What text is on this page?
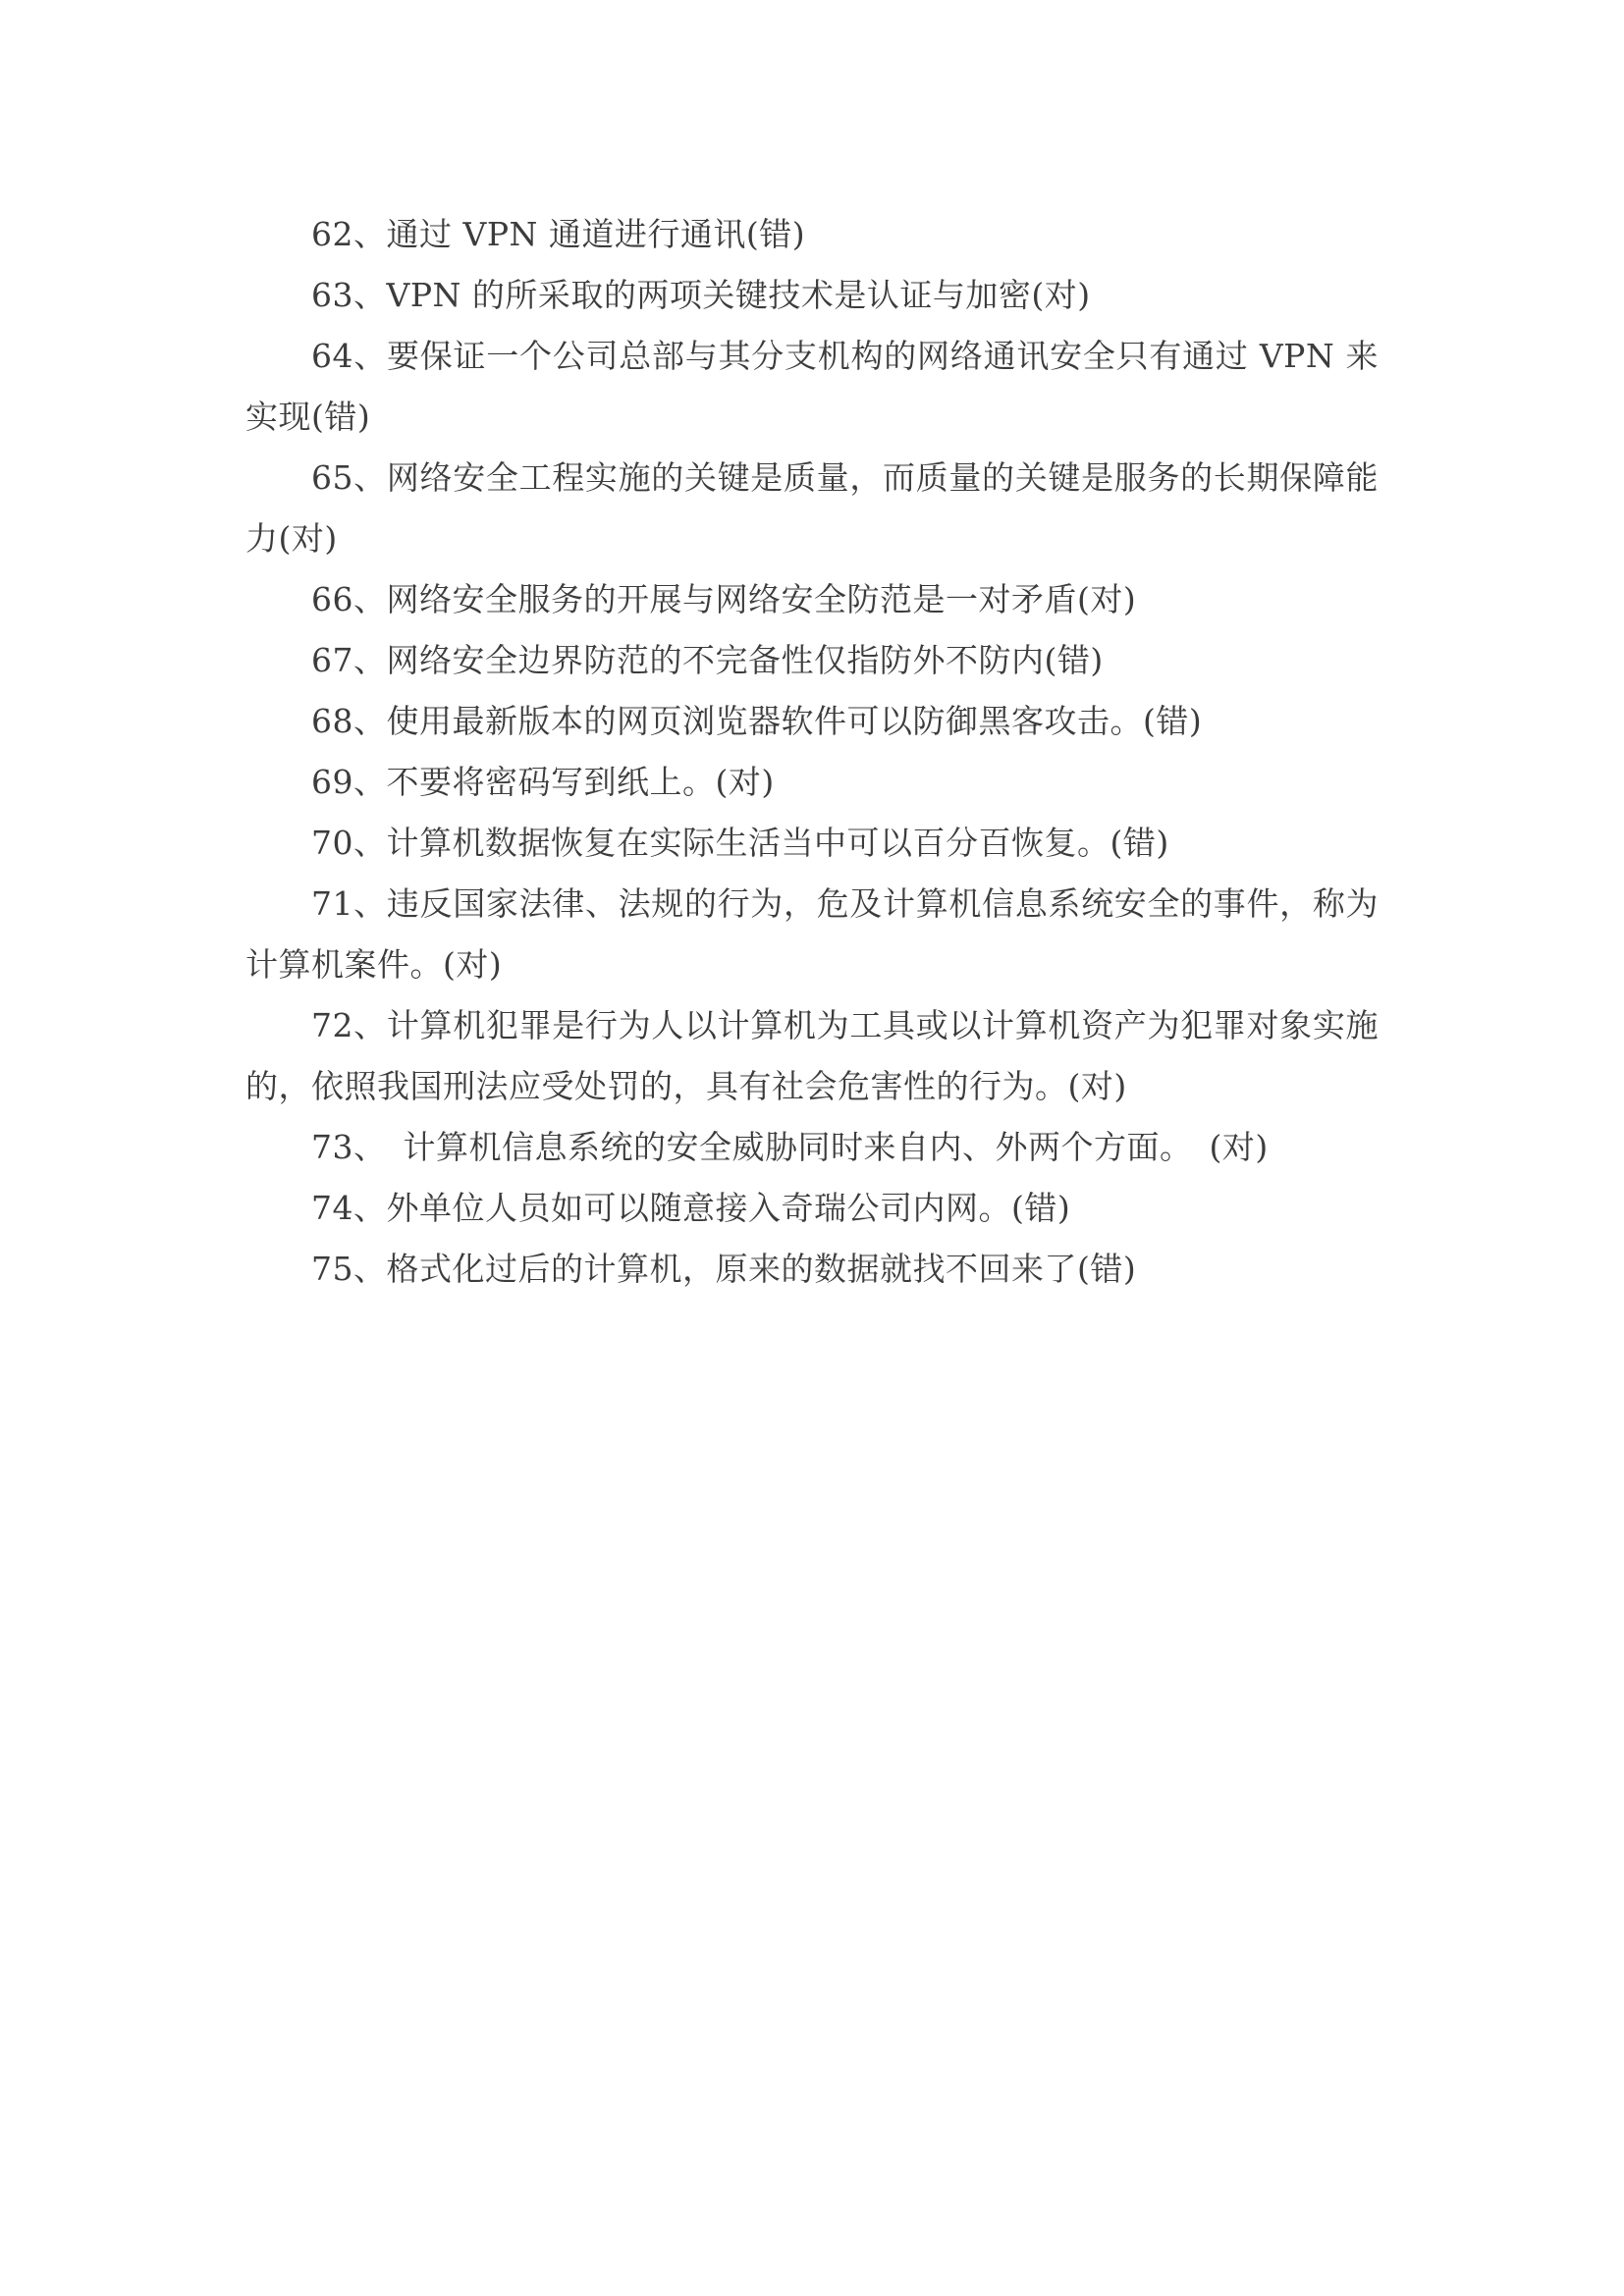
62、通过 VPN 通道进行通讯(错)

63、VPN 的所采取的两项关键技术是认证与加密(对)

64、要保证一个公司总部与其分支机构的网络通讯安全只有通过 VPN 来实现(错)

65、网络安全工程实施的关键是质量，而质量的关键是服务的长期保障能力(对)

66、网络安全服务的开展与网络安全防范是一对矛盾(对)

67、网络安全边界防范的不完备性仅指防外不防内(错)

68、使用最新版本的网页浏览器软件可以防御黑客攻击。(错)

69、不要将密码写到纸上。(对)

70、计算机数据恢复在实际生活当中可以百分百恢复。(错)

71、违反国家法律、法规的行为，危及计算机信息系统安全的事件，称为计算机案件。(对)

72、计算机犯罪是行为人以计算机为工具或以计算机资产为犯罪对象实施的，依照我国刑法应受处罚的，具有社会危害性的行为。(对)

73、　计算机信息系统的安全威胁同时来自内、外两个方面。　(对)

74、外单位人员如可以随意接入奇瑞公司内网。(错)

75、格式化过后的计算机，原来的数据就找不回来了(错)
